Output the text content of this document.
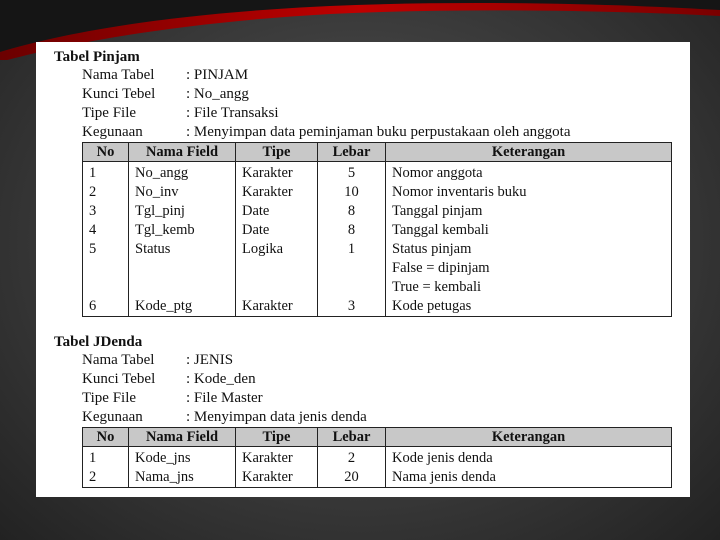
Tabel Pinjam
Nama Tabel : PINJAM
Kunci Tebel : No_angg
Tipe File	: File Transaksi
Kegunaan	: Menyimpan data peminjaman buku perpustakaan oleh anggota
No	Nama Field	Tipe	Lebar	Keterangan
1	No_angg	Karakter	5	Nomor anggota
2	No_inv	Karakter	10	Nomor inventaris buku
3	Tgl_pinj	Date	8	Tanggal pinjam
4	Tgl_kemb	Date	8	Tanggal kembali
5	Status	Logika	1	Status pinjam
False = dipinjam
True = kembali

6	Kode_ptg	Karakter	3	Kode petugas
Tabel JDenda
Nama Tabel : JENIS
Kunci Tebel : Kode_den
Tipe File	: File Master
Kegunaan	: Menyimpan data jenis denda
No	Nama Field	Tipe	Lebar	Keterangan
1	Kode_jns	Karakter	2	Kode jenis denda
2	Nama_jns	Karakter	20	Nama jenis denda
